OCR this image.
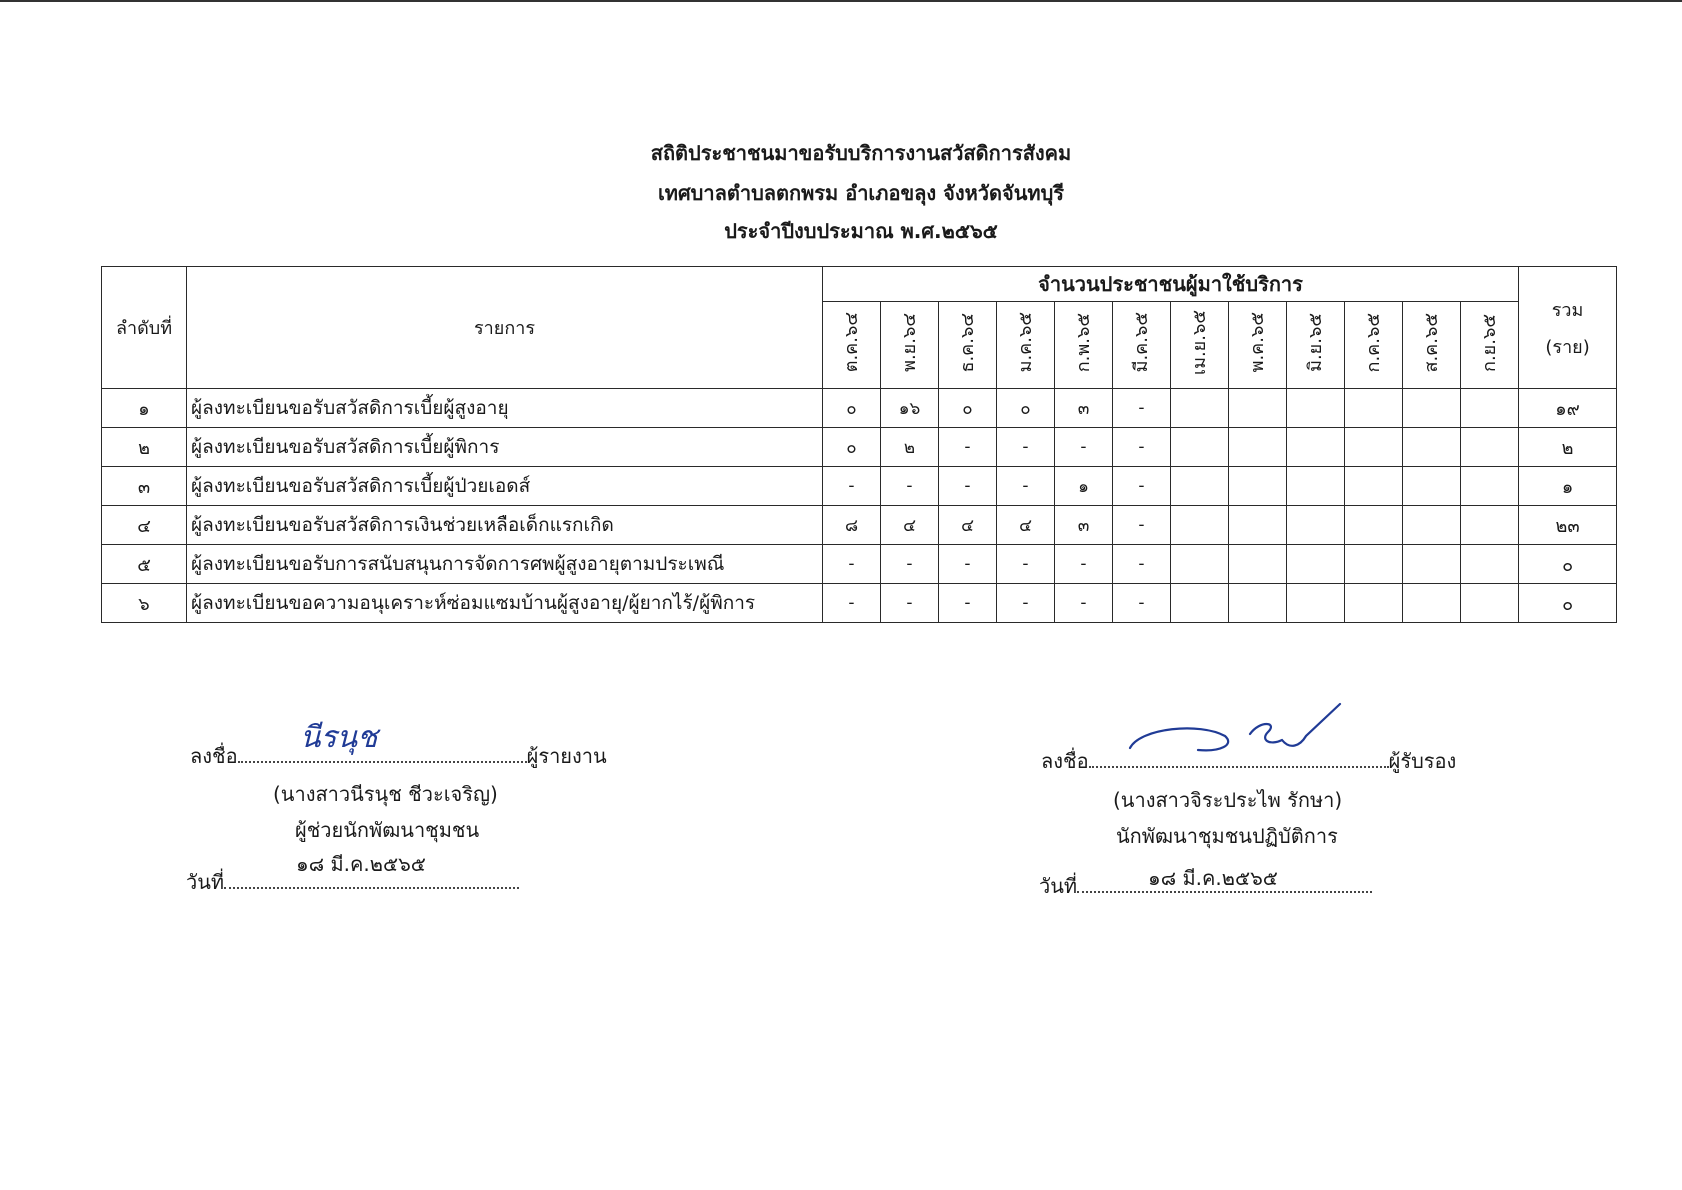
สถิติประชาชนมาขอรับบริการงานสวัสดิการสังคม
เทศบาลตำบลตกพรม อำเภอขลุง จังหวัดจันทบุรี
ประจำปีงบประมาณ พ.ศ.๒๕๖๕
ลำดับที่	รายการ	จำนวนประชาชนผู้มาใช้บริการ												รวม
(ราย)

		ต.ค.๖๔	พ.ย.๖๔	ธ.ค.๖๔	ม.ค.๖๕	ก.พ.๖๕	มี.ค.๖๕	เม.ย.๖๕	พ.ค.๖๕	มิ.ย.๖๕	ก.ค.๖๕	ส.ค.๖๕	ก.ย.๖๕	
๑	ผู้ลงทะเบียนขอรับสวัสดิการเบี้ยผู้สูงอายุ	๐	๑๖	๐	๐	๓	-							๑๙
๒	ผู้ลงทะเบียนขอรับสวัสดิการเบี้ยผู้พิการ	๐	๒	-	-	-	-							๒
๓	ผู้ลงทะเบียนขอรับสวัสดิการเบี้ยผู้ป่วยเอดส์	-	-	-	-	๑	-							๑
๔	ผู้ลงทะเบียนขอรับสวัสดิการเงินช่วยเหลือเด็กแรกเกิด	๘	๔	๔	๔	๓	-							๒๓
๕	ผู้ลงทะเบียนขอรับการสนับสนุนการจัดการศพผู้สูงอายุตามประเพณี	-	-	-	-	-	-							๐
๖	ผู้ลงทะเบียนขอความอนุเคราะห์ซ่อมแซมบ้านผู้สูงอายุ/ผู้ยากไร้/ผู้พิการ	-	-	-	-	-	-							๐
ลงชื่อ	ผู้รายงาน
นีรนุช
(นางสาวนีรนุช ชีวะเจริญ)
ผู้ช่วยนักพัฒนาชุมชน
๑๘ มี.ค.๒๕๖๕
วันที่
ลงชื่อ	ผู้รับรอง
(นางสาวจิระประไพ รักษา)
นักพัฒนาชุมชนปฏิบัติการ
๑๘ มี.ค.๒๕๖๕
วันที่
